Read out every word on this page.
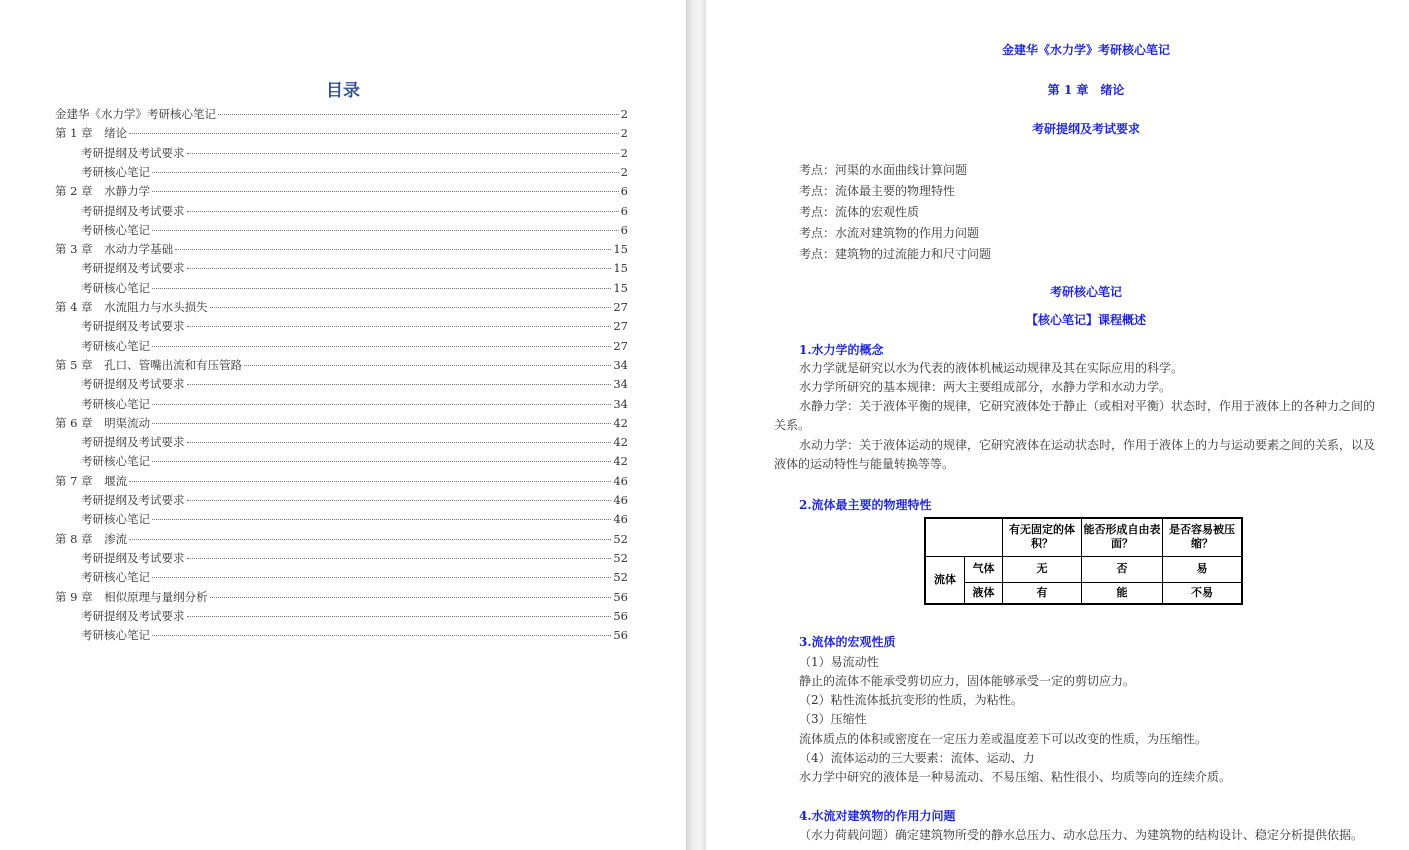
目录
金建华《水力学》考研核心笔记	2
第 1 章　绪论	2
考研提纲及考试要求	2
考研核心笔记	2
第 2 章　水静力学	6
考研提纲及考试要求	6
考研核心笔记	6
第 3 章　水动力学基础	15
考研提纲及考试要求	15
考研核心笔记	15
第 4 章　水流阻力与水头损失	27
考研提纲及考试要求	27
考研核心笔记	27
第 5 章　孔口、管嘴出流和有压管路	34
考研提纲及考试要求	34
考研核心笔记	34
第 6 章　明渠流动	42
考研提纲及考试要求	42
考研核心笔记	42
第 7 章　堰流	46
考研提纲及考试要求	46
考研核心笔记	46
第 8 章　渗流	52
考研提纲及考试要求	52
考研核心笔记	52
第 9 章　相似原理与量纲分析	56
考研提纲及考试要求	56
考研核心笔记	56
金建华《水力学》考研核心笔记
第 1 章　绪论
考研提纲及考试要求
考点：河渠的水面曲线计算问题
考点：流体最主要的物理特性
考点：流体的宏观性质
考点：水流对建筑物的作用力问题
考点：建筑物的过流能力和尺寸问题
考研核心笔记
【核心笔记】课程概述
1.水力学的概念
水力学就是研究以水为代表的液体机械运动规律及其在实际应用的科学。
水力学所研究的基本规律：两大主要组成部分，水静力学和水动力学。
水静力学：关于液体平衡的规律，它研究液体处于静止（或相对平衡）状态时，作用于液体上的各种力之间的关系。
水动力学：关于液体运动的规律，它研究液体在运动状态时，作用于液体上的力与运动要素之间的关系，以及液体的运动特性与能量转换等等。
2.流体最主要的物理特性
		有无固定的体积？	能否形成自由表面？	是否容易被压缩？
流体	气体	无	否	易
	液体	有	能	不易
3.流体的宏观性质
（1）易流动性
静止的流体不能承受剪切应力，固体能够承受一定的剪切应力。
（2）粘性流体抵抗变形的性质，为粘性。
（3）压缩性
流体质点的体积或密度在一定压力差或温度差下可以改变的性质，为压缩性。
（4）流体运动的三大要素：流体、运动、力
水力学中研究的液体是一种易流动、不易压缩、粘性很小、均质等向的连续介质。
4.水流对建筑物的作用力问题
（水力荷载问题）确定建筑物所受的静水总压力、动水总压力、为建筑物的结构设计、稳定分析提供依据。
